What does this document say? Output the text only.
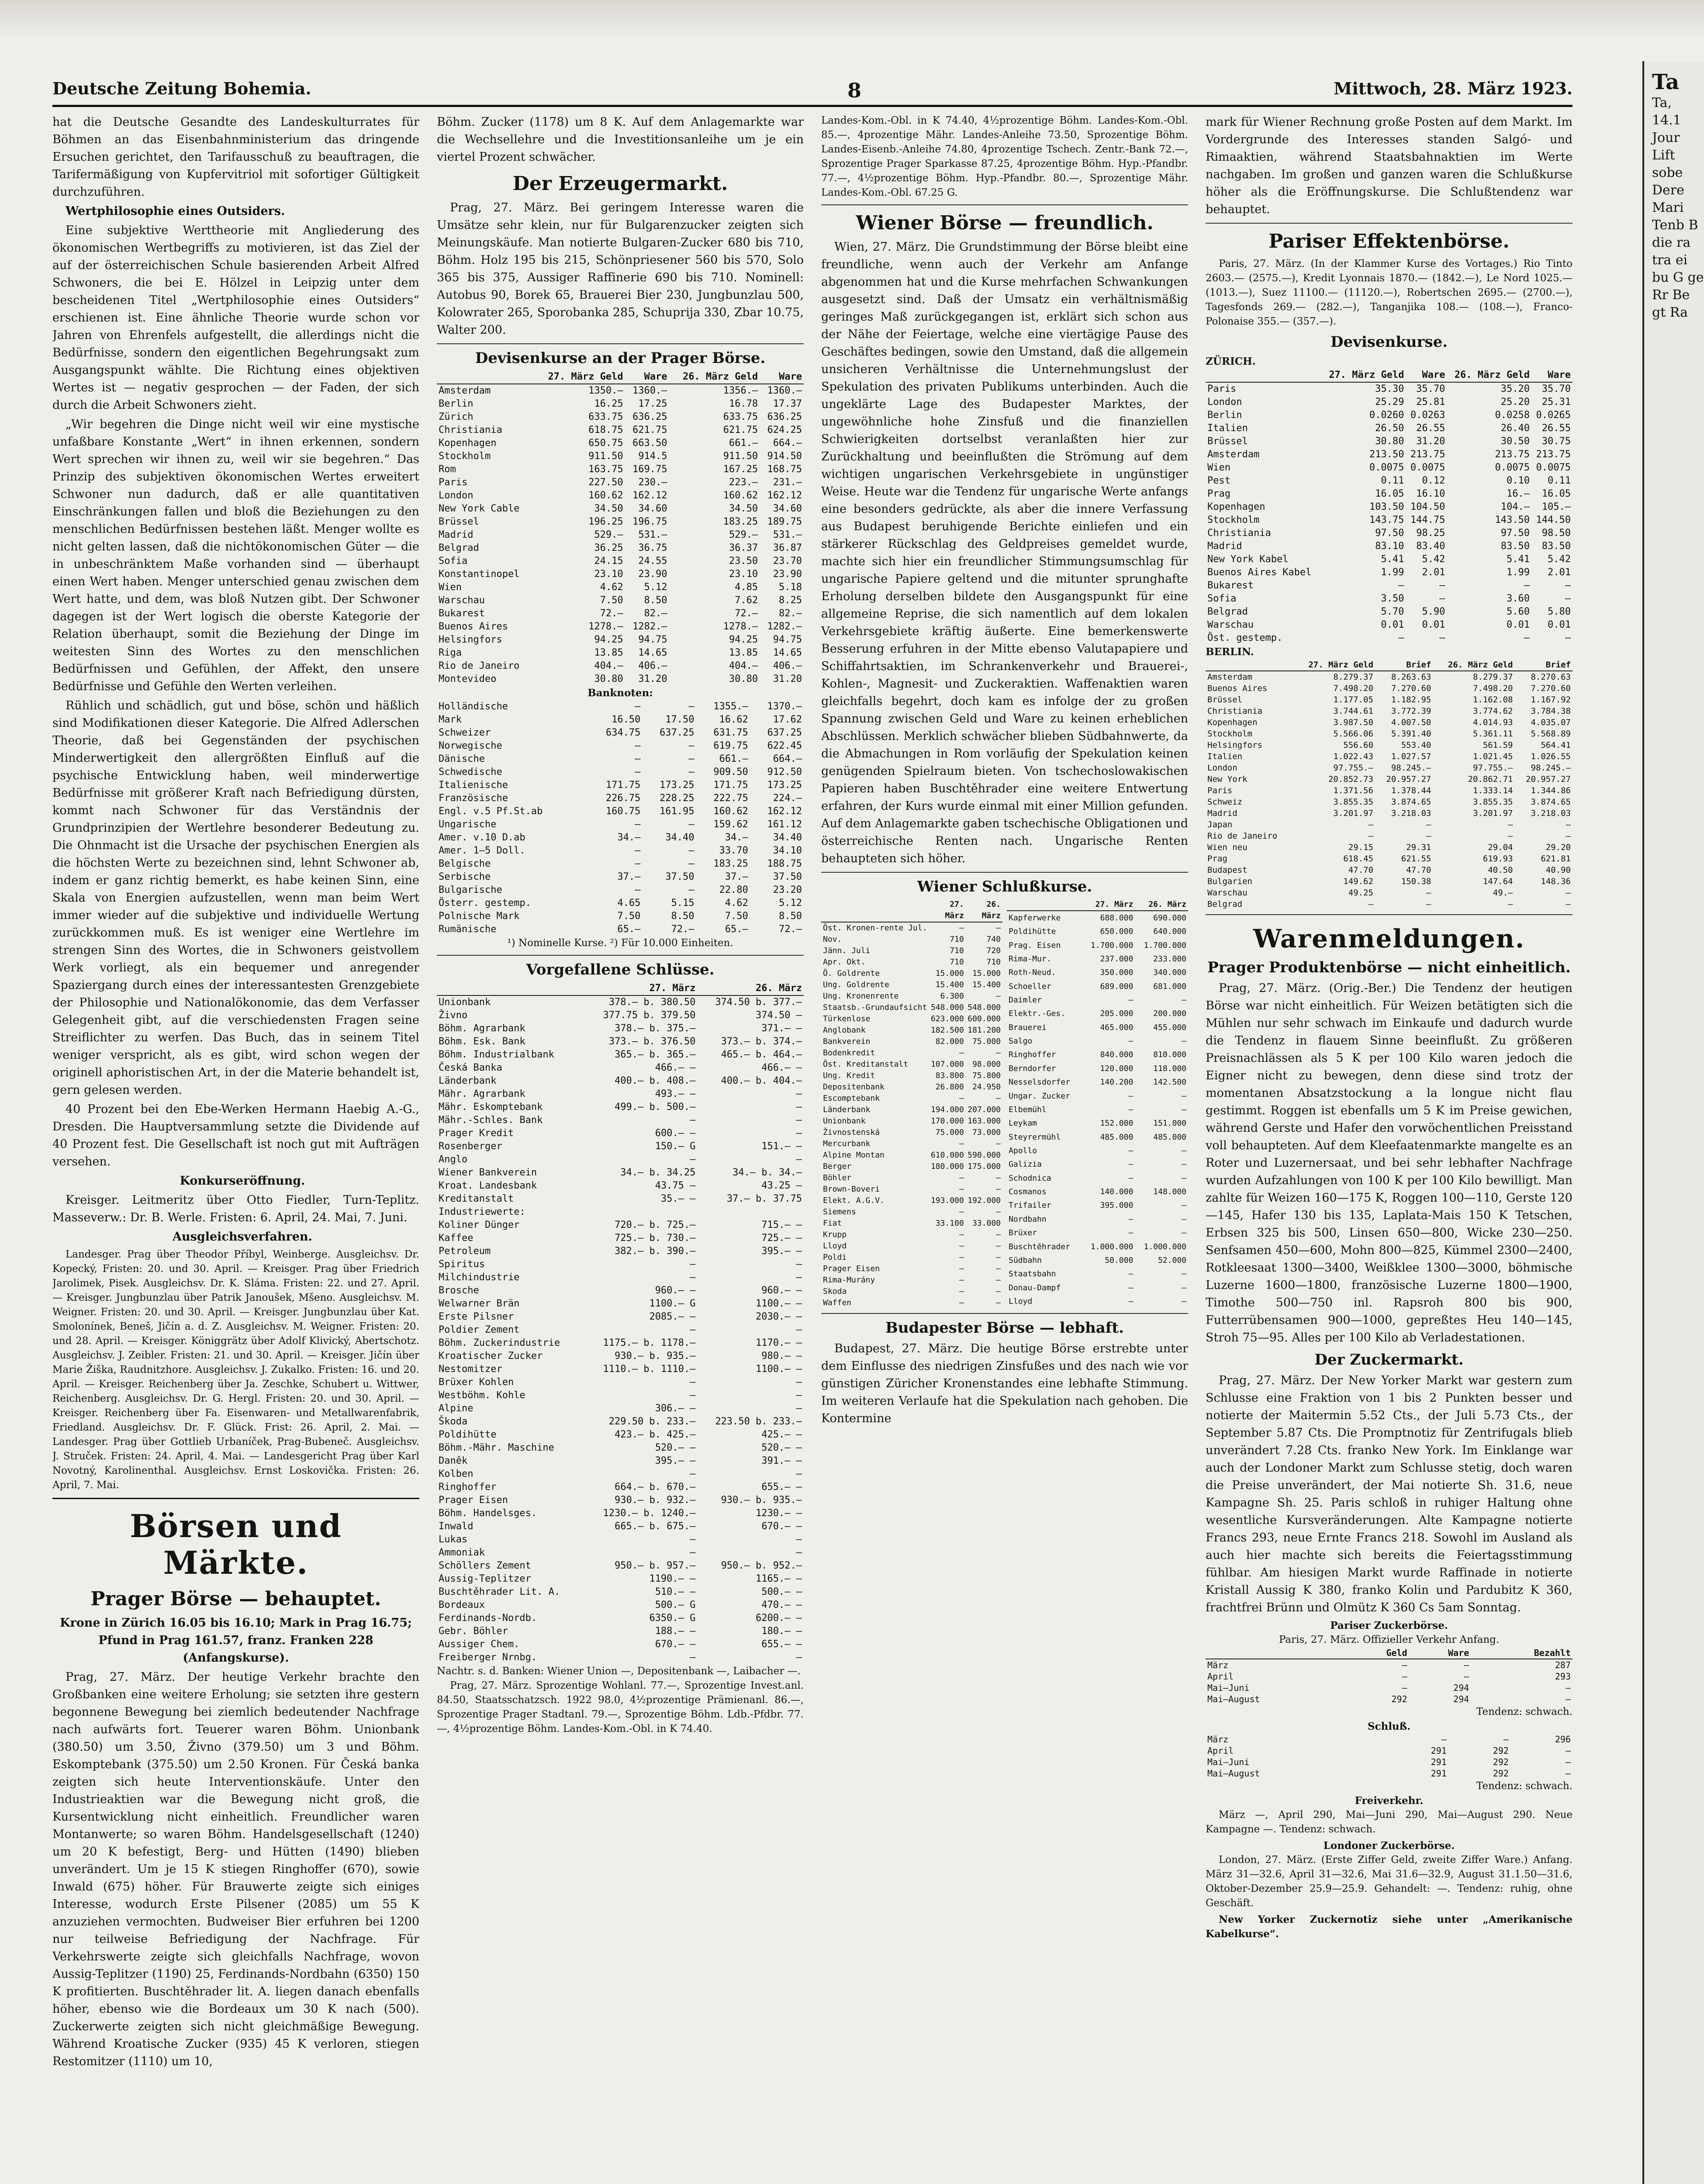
Deutsche Zeitung Bohemia.	8	Mittwoch, 28. März 1923.

hat die Deutsche Gesandte des Landeskulturrates für Böhmen an das Eisenbahnministerium das dringende Ersuchen gerichtet, den Tarifausschuß zu beauftragen, die Tarifermäßigung von Kupfervitriol mit sofortiger Gültigkeit durchzuführen.

Wertphilosophie eines Outsiders.

Eine subjektive Werttheorie mit Angliederung des ökonomischen Wertbegriffs zu motivieren, ist das Ziel der auf der österreichischen Schule basierenden Arbeit Alfred Schwoners, die bei E. Hölzel in Leipzig unter dem bescheidenen Titel „Wertphilosophie eines Outsiders“ erschienen ist. Eine ähnliche Theorie wurde schon vor Jahren von Ehrenfels aufgestellt, die allerdings nicht die Bedürfnisse, sondern den eigentlichen Begehrungsakt zum Ausgangspunkt wählte. Die Richtung eines objektiven Wertes ist — negativ gesprochen — der Faden, der sich durch die Arbeit Schwoners zieht.

„Wir begehren die Dinge nicht weil wir eine mystische unfaßbare Konstante „Wert“ in ihnen erkennen, sondern Wert sprechen wir ihnen zu, weil wir sie begehren.“ Das Prinzip des subjektiven ökonomischen Wertes erweitert Schwoner nun dadurch, daß er alle quantitativen Einschränkungen fallen und bloß die Beziehungen zu den menschlichen Bedürfnissen bestehen läßt. Menger wollte es nicht gelten lassen, daß die nichtökonomischen Güter — die in unbeschränktem Maße vorhanden sind — überhaupt einen Wert haben. Menger unterschied genau zwischen dem Wert hatte, und dem, was bloß Nutzen gibt. Der Schwoner dagegen ist der Wert logisch die oberste Kategorie der Relation überhaupt, somit die Beziehung der Dinge im weitesten Sinn des Wortes zu den menschlichen Bedürfnissen und Gefühlen, der Affekt, den unsere Bedürfnisse und Gefühle den Werten verleihen.

Rühlich und schädlich, gut und böse, schön und häßlich sind Modifikationen dieser Kategorie. Die Alfred Adlerschen Theorie, daß bei Gegenständen der psychischen Minderwertigkeit den allergrößten Einfluß auf die psychische Entwicklung haben, weil minderwertige Bedürfnisse mit größerer Kraft nach Befriedigung dürsten, kommt nach Schwoner für das Verständnis der Grundprinzipien der Wertlehre besonderer Bedeutung zu. Die Ohnmacht ist die Ursache der psychischen Energien als die höchsten Werte zu bezeichnen sind, lehnt Schwoner ab, indem er ganz richtig bemerkt, es habe keinen Sinn, eine Skala von Energien aufzustellen, wenn man beim Wert immer wieder auf die subjektive und individuelle Wertung zurückkommen muß. Es ist weniger eine Wertlehre im strengen Sinn des Wortes, die in Schwoners geistvollem Werk vorliegt, als ein bequemer und anregender Spaziergang durch eines der interessantesten Grenzgebiete der Philosophie und Nationalökonomie, das dem Verfasser Gelegenheit gibt, auf die verschiedensten Fragen seine Streiflichter zu werfen. Das Buch, das in seinem Titel weniger verspricht, als es gibt, wird schon wegen der originell aphoristischen Art, in der die Materie behandelt ist, gern gelesen werden.

40 Prozent bei den Ebe-Werken Hermann Haebig A.-G., Dresden. Die Hauptversammlung setzte die Dividende auf 40 Prozent fest. Die Gesellschaft ist noch gut mit Aufträgen versehen.

Konkurseröffnung.

Kreisger. Leitmeritz über Otto Fiedler, Turn-Teplitz. Masseverw.: Dr. B. Werle. Fristen: 6. April, 24. Mai, 7. Juni.

Ausgleichsverfahren.

Landesger. Prag über Theodor Příbyl, Weinberge. Ausgleichsv. Dr. Kopecký, Fristen: 20. und 30. April. — Kreisger. Prag über Friedrich Jarolimek, Pisek. Ausgleichsv. Dr. K. Sláma. Fristen: 22. und 27. April. — Kreisger. Jungbunzlau über Patrik Janoušek, Mšeno. Ausgleichsv. M. Weigner. Fristen: 20. und 30. April. — Kreisger. Jungbunzlau über Kat. Smolonínek, Beneš, Jičín a. d. Z. Ausgleichsv. M. Weigner. Fristen: 20. und 28. April. — Kreisger. Königgrätz über Adolf Klivický, Abertschotz. Ausgleichsv. J. Zeibler. Fristen: 21. und 30. April. — Kreisger. Jičín über Marie Žiška, Raudnitzhore. Ausgleichsv. J. Zukalko. Fristen: 16. und 20. April. — Kreisger. Reichenberg über Ja. Zeschke, Schubert u. Wittwer, Reichenberg. Ausgleichsv. Dr. G. Hergl. Fristen: 20. und 30. April. — Kreisger. Reichenberg über Fa. Eisenwaren- und Metallwarenfabrik, Friedland. Ausgleichsv. Dr. F. Glück. Frist: 26. April, 2. Mai. — Landesger. Prag über Gottlieb Urbaníček, Prag-Bubeneč. Ausgleichsv. J. Struček. Fristen: 24. April, 4. Mai. — Landesgericht Prag über Karl Novotný, Karolinenthal. Ausgleichsv. Ernst Loskovička. Fristen: 26. April, 7. Mai.

Börsen und Märkte.
Prager Börse — behauptet.

Krone in Zürich 16.05 bis 16.10; Mark in Prag 16.75; Pfund in Prag 161.57, franz. Franken 228 (Anfangskurse).

Prag, 27. März. Der heutige Verkehr brachte den Großbanken eine weitere Erholung; sie setzten ihre gestern begonnene Bewegung bei ziemlich bedeutender Nachfrage nach aufwärts fort. Teuerer waren Böhm. Unionbank (380.50) um 3.50, Živno (379.50) um 3 und Böhm. Eskomptebank (375.50) um 2.50 Kronen. Für Česká banka zeigten sich heute Interventionskäufe. Unter den Industrieaktien war die Bewegung nicht groß, die Kursentwicklung nicht einheitlich. Freundlicher waren Montanwerte; so waren Böhm. Handelsgesellschaft (1240) um 20 K befestigt, Berg- und Hütten (1490) blieben unverändert. Um je 15 K stiegen Ringhoffer (670), sowie Inwald (675) höher. Für Brauwerte zeigte sich einiges Interesse, wodurch Erste Pilsener (2085) um 55 K anzuziehen vermochten. Budweiser Bier erfuhren bei 1200 nur teilweise Befriedigung der Nachfrage. Für Verkehrswerte zeigte sich gleichfalls Nachfrage, wovon Aussig-Teplitzer (1190) 25, Ferdinands-Nordbahn (6350) 150 K profitierten. Buschtěhrader lit. A. liegen danach ebenfalls höher, ebenso wie die Bordeaux um 30 K nach (500). Zuckerwerte zeigten sich nicht gleichmäßige Bewegung. Während Kroatische Zucker (935) 45 K verloren, stiegen Restomitzer (1110) um 10,

Böhm. Zucker (1178) um 8 K. Auf dem Anlagemarkte war die Wechsellehre und die Investitionsanleihe um je ein viertel Prozent schwächer.

Der Erzeugermarkt.

Prag, 27. März. Bei geringem Interesse waren die Umsätze sehr klein, nur für Bulgarenzucker zeigten sich Meinungskäufe. Man notierte Bulgaren-Zucker 680 bis 710, Böhm. Holz 195 bis 215, Schönpriesener 560 bis 570, Solo 365 bis 375, Aussiger Raffinerie 690 bis 710. Nominell: Autobus 90, Borek 65, Brauerei Bier 230, Jungbunzlau 500, Kolowrater 265, Sporobanka 285, Schuprija 330, Zbar 10.75, Walter 200.

Devisenkurse an der Prager Börse.
	27. März Geld	Ware	26. März Geld	Ware
Amsterdam	1350.—	1360.—	1356.—	1360.—
Berlin	16.25	17.25	16.78	17.37
Zürich	633.75	636.25	633.75	636.25
Christiania	618.75	621.75	621.75	624.25
Kopenhagen	650.75	663.50	661.—	664.—
Stockholm	911.50	914.5	911.50	914.50
Rom	163.75	169.75	167.25	168.75
Paris	227.50	230.—	223.—	231.—
London	160.62	162.12	160.62	162.12
New York Cable	34.50	34.60	34.50	34.60
Brüssel	196.25	196.75	183.25	189.75
Madrid	529.—	531.—	529.—	531.—
Belgrad	36.25	36.75	36.37	36.87
Sofia	24.15	24.55	23.50	23.70
Konstantinopel	23.10	23.90	23.10	23.90
Wien	4.62	5.12	4.85	5.18
Warschau	7.50	8.50	7.62	8.25
Bukarest	72.—	82.—	72.—	82.—
Buenos Aires	1278.—	1282.—	1278.—	1282.—
Helsingfors	94.25	94.75	94.25	94.75
Riga	13.85	14.65	13.85	14.65
Rio de Janeiro	404.—	406.—	404.—	406.—
Montevideo	30.80	31.20	30.80	31.20
Banknoten:
Holländische	—	—	1355.—	1370.—
Mark	16.50	17.50	16.62	17.62
Schweizer	634.75	637.25	631.75	637.25
Norwegische	—	—	619.75	622.45
Dänische	—	—	661.—	664.—
Schwedische	—	—	909.50	912.50
Italienische	171.75	173.25	171.75	173.25
Französische	226.75	228.25	222.75	224.—
Engl. v.5 Pf.St.ab	160.75	161.95	160.62	162.12
Ungarische	—	—	159.62	161.12
Amer. v.10 D.ab	34.—	34.40	34.—	34.40
Amer. 1—5 Doll.	—	—	33.70	34.10
Belgische	—	—	183.25	188.75
Serbische	37.—	37.50	37.—	37.50
Bulgarische	—	—	22.80	23.20
Österr. gestemp.	4.65	5.15	4.62	5.12
Polnische Mark	7.50	8.50	7.50	8.50
Rumänische	65.—	72.—	65.—	72.—
¹) Nominelle Kurse. ²) Für 10.000 Einheiten.
Vorgefallene Schlüsse.
	27. März	26. März
Unionbank	378.— b. 380.50	374.50 b. 377.—
Živno	377.75 b. 379.50	374.50 —
Böhm. Agrarbank	378.— b. 375.—	371.— —
Böhm. Esk. Bank	373.— b. 376.50	373.— b. 374.—
Böhm. Industrialbank	365.— b. 365.—	465.— b. 464.—
Česká Banka	466.— —	466.— —
Länderbank	400.— b. 408.—	400.— b. 404.—
Mähr. Agrarbank	493.— —	—
Mähr. Eskomptebank	499.— b. 500.—	—
Mähr.-Schles. Bank	—	—
Prager Kredit	600.— —	—
Rosenberger	150.— G	151.— —
Anglo	—	—
Wiener Bankverein	34.— b. 34.25	34.— b. 34.—
Kroat. Landesbank	43.75 —	43.25 —
Kreditanstalt	35.— —	37.— b. 37.75
Industriewerte:		
Koliner Dünger	720.— b. 725.—	715.— —
Kaffee	725.— b. 730.—	725.— —
Petroleum	382.— b. 390.—	395.— —
Spiritus	—	—
Milchindustrie	—	—
Brosche	960.— —	960.— —
Welwarner Brän	1100.— G	1100.— —
Erste Pilsner	2085.— —	2030.— —
Poldier Zement	—	—
Böhm. Zuckerindustrie	1175.— b. 1178.—	1170.— —
Kroatischer Zucker	930.— b. 935.—	980.— —
Nestomitzer	1110.— b. 1110.—	1100.— —
Brüxer Kohlen	—	—
Westböhm. Kohle	—	—
Alpine	306.— —	—
Škoda	229.50 b. 233.—	223.50 b. 233.—
Poldihütte	423.— b. 425.—	425.— —
Böhm.-Mähr. Maschine	520.— —	520.— —
Daněk	395.— —	391.— —
Kolben	—	—
Ringhoffer	664.— b. 670.—	655.— —
Prager Eisen	930.— b. 932.—	930.— b. 935.—
Böhm. Handelsges.	1230.— b. 1240.—	1230.— —
Inwald	665.— b. 675.—	670.— —
Lukas	—	—
Ammoniak	—	—
Schöllers Zement	950.— b. 957.—	950.— b. 952.—
Aussig-Teplitzer	1190.— —	1165.— —
Buschtěhrader Lit. A.	510.— —	500.— —
Bordeaux	500.— G	470.— —
Ferdinands-Nordb.	6350.— G	6200.— —
Gebr. Böhler	188.— —	180.— —
Aussiger Chem.	670.— —	655.— —
Freiberger Nrnbg.	—	—
Nachtr. s. d. Banken: Wiener Union —, Depositenbank —, Laibacher —.

Prag, 27. März. Sprozentige Wohlanl. 77.—, Sprozentige Invest.anl. 84.50, Staatsschatzsch. 1922 98.0, 4½prozentige Prämienanl. 86.—, Sprozentige Prager Stadtanl. 79.—, Sprozentige Böhm. Ldb.-Pfdbr. 77.—, 4½prozentige Böhm. Landes-Kom.-Obl. in K 74.40.

Landes-Kom.-Obl. in K 74.40, 4½prozentige Böhm. Landes-Kom.-Obl. 85.—, 4prozentige Mähr. Landes-Anleihe 73.50, Sprozentige Böhm. Landes-Eisenb.-Anleihe 74.80, 4prozentige Tschech. Zentr.-Bank 72.—, Sprozentige Prager Sparkasse 87.25, 4prozentige Böhm. Hyp.-Pfandbr. 77.—, 4½prozentige Böhm. Hyp.-Pfandbr. 80.—, Sprozentige Mähr. Landes-Kom.-Obl. 67.25 G.

Wiener Börse — freundlich.

Wien, 27. März. Die Grundstimmung der Börse bleibt eine freundliche, wenn auch der Verkehr am Anfange abgenommen hat und die Kurse mehrfachen Schwankungen ausgesetzt sind. Daß der Umsatz ein verhältnismäßig geringes Maß zurückgegangen ist, erklärt sich schon aus der Nähe der Feiertage, welche eine viertägige Pause des Geschäftes bedingen, sowie den Umstand, daß die allgemein unsicheren Verhältnisse die Unternehmungslust der Spekulation des privaten Publikums unterbinden. Auch die ungeklärte Lage des Budapester Marktes, der ungewöhnliche hohe Zinsfuß und die finanziellen Schwierigkeiten dortselbst veranlaßten hier zur Zurückhaltung und beeinflußten die Strömung auf dem wichtigen ungarischen Verkehrsgebiete in ungünstiger Weise. Heute war die Tendenz für ungarische Werte anfangs eine besonders gedrückte, als aber die innere Verfassung aus Budapest beruhigende Berichte einliefen und ein stärkerer Rückschlag des Geldpreises gemeldet wurde, machte sich hier ein freundlicher Stimmungsumschlag für ungarische Papiere geltend und die mitunter sprunghafte Erholung derselben bildete den Ausgangspunkt für eine allgemeine Reprise, die sich namentlich auf dem lokalen Verkehrsgebiete kräftig äußerte. Eine bemerkenswerte Besserung erfuhren in der Mitte ebenso Valutapapiere und Schiffahrtsaktien, im Schrankenverkehr und Brauerei-, Kohlen-, Magnesit- und Zuckeraktien. Waffenaktien waren gleichfalls begehrt, doch kam es infolge der zu großen Spannung zwischen Geld und Ware zu keinen erheblichen Abschlüssen. Merklich schwächer blieben Südbahnwerte, da die Abmachungen in Rom vorläufig der Spekulation keinen genügenden Spielraum bieten. Von tschechoslowakischen Papieren haben Buschtěhrader eine weitere Entwertung erfahren, der Kurs wurde einmal mit einer Million gefunden. Auf dem Anlagemarkte gaben tschechische Obligationen und österreichische Renten nach. Ungarische Renten behaupteten sich höher.

Wiener Schlußkurse.
	27. März	26. März
Öst. Kronen-rente Jul.	—	—
Nov.	710	740
Jänn. Juli	710	720
Apr. Okt.	710	710
Ö. Goldrente	15.000	15.000
Ung. Goldrente	15.400	15.400
Ung. Kronenrente	6.300	—
Staatsb.-Grundaufsicht	548.000	548.000
Türkenlose	623.000	600.000
Anglobank	182.500	181.200
Bankverein	82.000	75.000
Bodenkredit	—	—
Öst. Kreditanstalt	107.000	98.000
Ung. Kredit	83.800	75.800
Depositenbank	26.800	24.950
Escomptebank	—	—
Länderbank	194.000	207.000
Unionbank	170.000	163.000
Živnostenská	75.000	73.000
Mercurbank	—	—
Alpine Montan	610.000	590.000
Berger	180.000	175.000
Böhler	—	—
Brown-Boveri	—	—
Elekt. A.G.V.	193.000	192.000
Siemens	—	—
Fiat	33.100	33.000
Krupp	—	—
Lloyd	—	—
Poldi	—	—
Prager Eisen	—	—
Rima-Murány	—	—
Skoda	—	—
Waffen	—	—
	27. März	26. März
Kapferwerke	688.000	690.000
Poldihütte	650.000	640.000
Prag. Eisen	1.700.000	1.700.000
Rima-Mur.	237.000	233.000
Roth-Neud.	350.000	340.000
Schoeller	689.000	681.000
Daimler	—	—
Elektr.-Ges.	205.000	200.000
Brauerei	465.000	455.000
Salgo	—	—
Ringhoffer	840.000	810.000
Berndorfer	120.000	118.000
Nesselsdorfer	140.200	142.500
Ungar. Zucker	—	—
Elbemühl	—	—
Leykam	152.000	151.000
Steyrermühl	485.000	485.000
Apollo	—	—
Galizia	—	—
Schodnica	—	—
Cosmanos	140.000	148.000
Trifailer	395.000	—
Nordbahn	—	—
Brüxer	—	—
Buschtěhrader	1.000.000	1.000.000
Südbahn	50.000	52.000
Staatsbahn	—	—
Donau-Dampf	—	—
Lloyd	—	—
Budapester Börse — lebhaft.

Budapest, 27. März. Die heutige Börse erstrebte unter dem Einflusse des niedrigen Zinsfußes und des nach wie vor günstigen Züricher Kronenstandes eine lebhafte Stimmung. Im weiteren Verlaufe hat die Spekulation nach gehoben. Die Kontermine

mark für Wiener Rechnung große Posten auf dem Markt. Im Vordergrunde des Interesses standen Salgó- und Rimaaktien, während Staatsbahnaktien im Werte nachgaben. Im großen und ganzen waren die Schlußkurse höher als die Eröffnungskurse. Die Schlußtendenz war behauptet.

Pariser Effektenbörse.

Paris, 27. März. (In der Klammer Kurse des Vortages.) Rio Tinto 2603.— (2575.—), Kredit Lyonnais 1870.— (1842.—), Le Nord 1025.— (1013.—), Suez 11100.— (11120.—), Robertschen 2695.— (2700.—), Tagesfonds 269.— (282.—), Tanganjika 108.— (108.—), Franco-Polonaise 355.— (357.—).

Devisenkurse.
ZÜRICH.
	27. März Geld	Ware	26. März Geld	Ware
Paris	35.30	35.70	35.20	35.70
London	25.29	25.81	25.20	25.31
Berlin	0.0260	0.0263	0.0258	0.0265
Italien	26.50	26.55	26.40	26.55
Brüssel	30.80	31.20	30.50	30.75
Amsterdam	213.50	213.75	213.75	213.75
Wien	0.0075	0.0075	0.0075	0.0075
Pest	0.11	0.12	0.10	0.11
Prag	16.05	16.10	16.—	16.05
Kopenhagen	103.50	104.50	104.—	105.—
Stockholm	143.75	144.75	143.50	144.50
Christiania	97.50	98.25	97.50	98.50
Madrid	83.10	83.40	83.50	83.50
New York Kabel	5.41	5.42	5.41	5.42
Buenos Aires Kabel	1.99	2.01	1.99	2.01
Bukarest	—	—	—	—
Sofia	3.50	—	3.60	—
Belgrad	5.70	5.90	5.60	5.80
Warschau	0.01	0.01	0.01	0.01
Öst. gestemp.	—	—	—	—
BERLIN.
	27. März Geld	Brief	26. März Geld	Brief
Amsterdam	8.279.37	8.263.63	8.279.37	8.270.63
Buenos Aires	7.498.20	7.270.60	7.498.20	7.270.60
Brüssel	1.177.05	1.182.95	1.162.08	1.167.92
Christiania	3.744.61	3.772.39	3.774.62	3.784.38
Kopenhagen	3.987.50	4.007.50	4.014.93	4.035.07
Stockholm	5.566.06	5.391.40	5.361.11	5.568.89
Helsingfors	556.60	553.40	561.59	564.41
Italien	1.022.43	1.027.57	1.021.45	1.026.55
London	97.755.—	98.245.—	97.755.—	98.245.—
New York	20.852.73	20.957.27	20.862.71	20.957.27
Paris	1.371.56	1.378.44	1.333.14	1.344.86
Schweiz	3.855.35	3.874.65	3.855.35	3.874.65
Madrid	3.201.97	3.218.03	3.201.97	3.218.03
Japan	—	—	—	—
Rio de Janeiro	—	—	—	—
Wien neu	29.15	29.31	29.04	29.20
Prag	618.45	621.55	619.93	621.81
Budapest	47.70	47.70	40.50	40.90
Bulgarien	149.62	150.38	147.64	148.36
Warschau	49.25	—	49.—	—
Belgrad	—	—	—	—
Warenmeldungen.
Prager Produktenbörse — nicht einheitlich.

Prag, 27. März. (Orig.-Ber.) Die Tendenz der heutigen Börse war nicht einheitlich. Für Weizen betätigten sich die Mühlen nur sehr schwach im Einkaufe und dadurch wurde die Tendenz in flauem Sinne beeinflußt. Zu größeren Preisnachlässen als 5 K per 100 Kilo waren jedoch die Eigner nicht zu bewegen, denn diese sind trotz der momentanen Absatzstockung a la longue nicht flau gestimmt. Roggen ist ebenfalls um 5 K im Preise gewichen, während Gerste und Hafer den vorwöchentlichen Preisstand voll behaupteten. Auf dem Kleefaatenmarkte mangelte es an Roter und Luzernersaat, und bei sehr lebhafter Nachfrage wurden Aufzahlungen von 100 K per 100 Kilo bewilligt. Man zahlte für Weizen 160—175 K, Roggen 100—110, Gerste 120—145, Hafer 130 bis 135, Laplata-Mais 150 K Tetschen, Erbsen 325 bis 500, Linsen 650—800, Wicke 230—250. Senfsamen 450—600, Mohn 800—825, Kümmel 2300—2400, Rotkleesaat 1300—3400, Weißklee 1300—3000, böhmische Luzerne 1600—1800, französische Luzerne 1800—1900, Timothe 500—750 inl. Rapsroh 800 bis 900, Futterrübensamen 900—1000, gepreßtes Heu 140—145, Stroh 75—95. Alles per 100 Kilo ab Verladestationen.

Der Zuckermarkt.

Prag, 27. März. Der New Yorker Markt war gestern zum Schlusse eine Fraktion von 1 bis 2 Punkten besser und notierte der Maitermin 5.52 Cts., der Juli 5.73 Cts., der September 5.87 Cts. Die Promptnotiz für Zentrifugals blieb unverändert 7.28 Cts. franko New York. Im Einklange war auch der Londoner Markt zum Schlusse stetig, doch waren die Preise unverändert, der Mai notierte Sh. 31.6, neue Kampagne Sh. 25. Paris schloß in ruhiger Haltung ohne wesentliche Kursveränderungen. Alte Kampagne notierte Francs 293, neue Ernte Francs 218. Sowohl im Ausland als auch hier machte sich bereits die Feiertagsstimmung fühlbar. Am hiesigen Markt wurde Raffinade in notierte Kristall Aussig K 380, franko Kolin und Pardubitz K 360, frachtfrei Brünn und Olmütz K 360 Cs 5am Sonntag.

Pariser Zuckerbörse.
Paris, 27. März. Offizieller Verkehr Anfang.
	Geld	Ware	Bezahlt
März	—	—	287
April	—	—	293
Mai—Juni	—	294	—
Mai—August	292	294	—
Tendenz: schwach.
Schluß.
März	—	—	296
April	291	292	—
Mai—Juni	291	292	—
Mai—August	291	292	—
Tendenz: schwach.
Freiverkehr.

März —, April 290, Mai—Juni 290, Mai—August 290. Neue Kampagne —. Tendenz: schwach.

Londoner Zuckerbörse.

London, 27. März. (Erste Ziffer Geld, zweite Ziffer Ware.) Anfang. März 31—32.6, April 31—32.6, Mai 31.6—32.9, August 31.1.50—31.6, Oktober-Dezember 25.9—25.9. Gehandelt: —. Tendenz: ruhig, ohne Geschäft.

New Yorker Zuckernotiz siehe unter „Amerikanische Kabelkurse“.

Ta
Ta, 14.1 Jour Lift sobe Dere Mari Tenb B die ra tra ei bu G ge Rr Be gt Ra
